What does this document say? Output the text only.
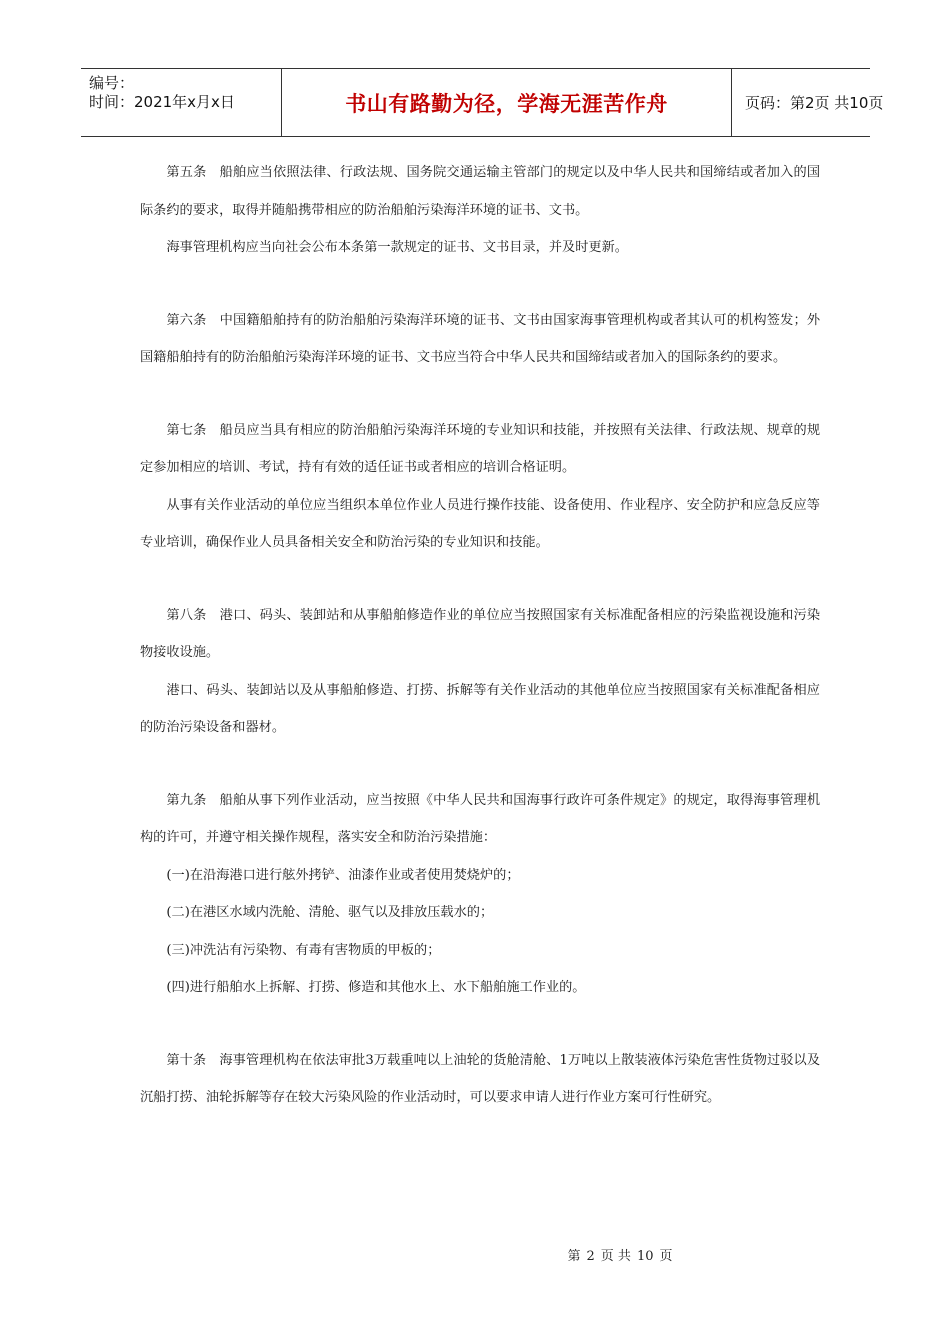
编号：
时间：2021年x月x日	书山有路勤为径，学海无涯苦作舟	页码：第2页 共10页

第五条 船舶应当依照法律、行政法规、国务院交通运输主管部门的规定以及中华人民共和国缔结或者加入的国际条约的要求，取得并随船携带相应的防治船舶污染海洋环境的证书、文书。

海事管理机构应当向社会公布本条第一款规定的证书、文书目录，并及时更新。

第六条 中国籍船舶持有的防治船舶污染海洋环境的证书、文书由国家海事管理机构或者其认可的机构签发；外国籍船舶持有的防治船舶污染海洋环境的证书、文书应当符合中华人民共和国缔结或者加入的国际条约的要求。

第七条 船员应当具有相应的防治船舶污染海洋环境的专业知识和技能，并按照有关法律、行政法规、规章的规定参加相应的培训、考试，持有有效的适任证书或者相应的培训合格证明。

从事有关作业活动的单位应当组织本单位作业人员进行操作技能、设备使用、作业程序、安全防护和应急反应等专业培训，确保作业人员具备相关安全和防治污染的专业知识和技能。

第八条 港口、码头、装卸站和从事船舶修造作业的单位应当按照国家有关标准配备相应的污染监视设施和污染物接收设施。

港口、码头、装卸站以及从事船舶修造、打捞、拆解等有关作业活动的其他单位应当按照国家有关标准配备相应的防治污染设备和器材。

第九条 船舶从事下列作业活动，应当按照《中华人民共和国海事行政许可条件规定》的规定，取得海事管理机构的许可，并遵守相关操作规程，落实安全和防治污染措施：

(一)在沿海港口进行舷外拷铲、油漆作业或者使用焚烧炉的；

(二)在港区水域内洗舱、清舱、驱气以及排放压载水的；

(三)冲洗沾有污染物、有毒有害物质的甲板的；

(四)进行船舶水上拆解、打捞、修造和其他水上、水下船舶施工作业的。

第十条 海事管理机构在依法审批3万载重吨以上油轮的货舱清舱、1万吨以上散装液体污染危害性货物过驳以及沉船打捞、油轮拆解等存在较大污染风险的作业活动时，可以要求申请人进行作业方案可行性研究。

第 2 页 共 10 页
